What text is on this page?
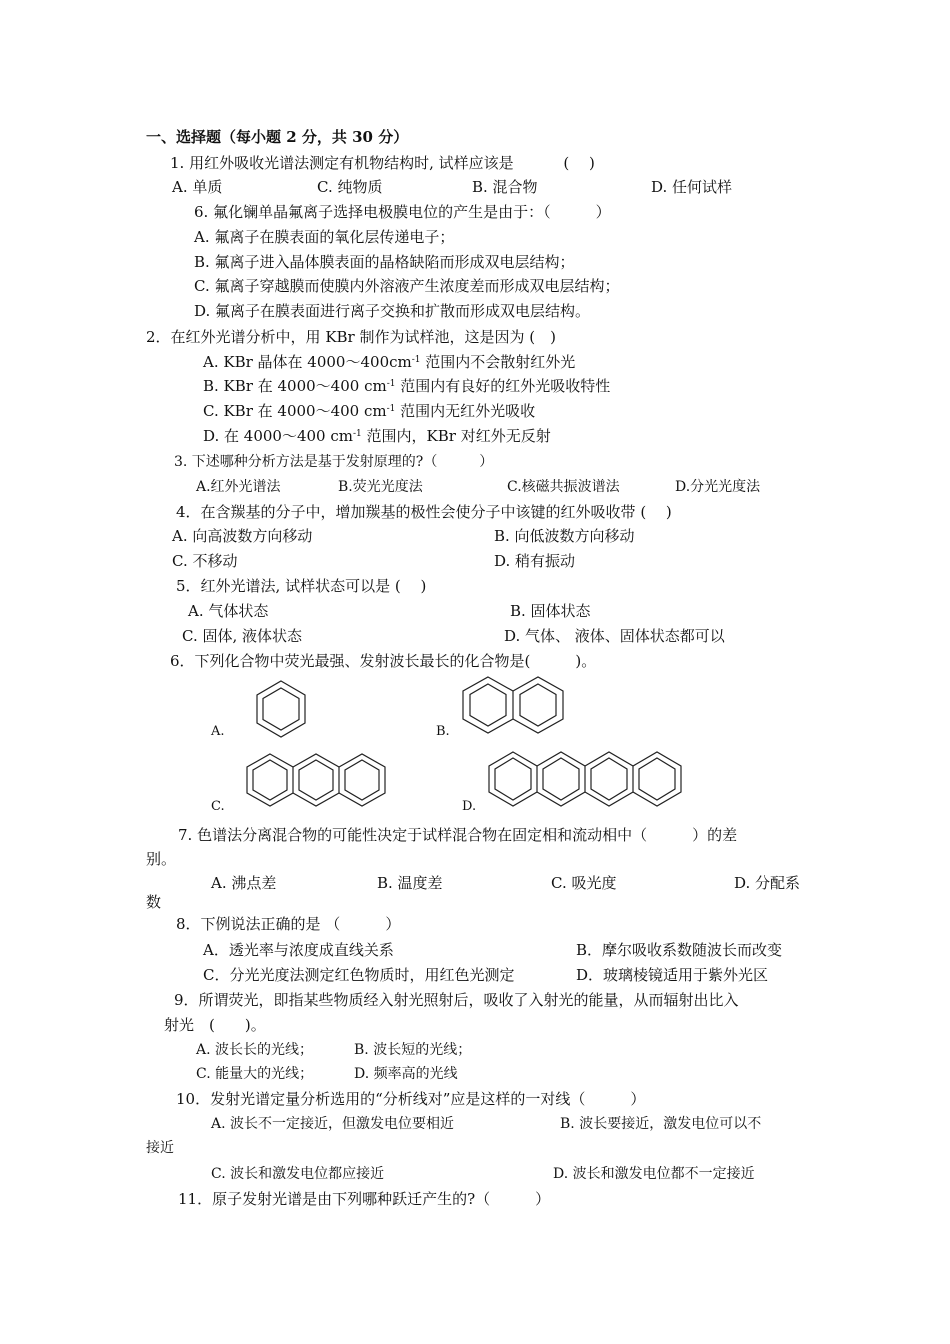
一、选择题（每小题 2 分，共 30 分）
1. 用红外吸收光谱法测定有机物结构时, 试样应该是　　　 (　 )
A. 单质	C. 纯物质	B. 混合物	D. 任何试样
6. 氟化镧单晶氟离子选择电极膜电位的产生是由于：（　　　）
A. 氟离子在膜表面的氧化层传递电子；
B. 氟离子进入晶体膜表面的晶格缺陷而形成双电层结构；
C. 氟离子穿越膜而使膜内外溶液产生浓度差而形成双电层结构；
D. 氟离子在膜表面进行离子交换和扩散而形成双电层结构。
2．在红外光谱分析中，用 KBr 制作为试样池，这是因为 (　)
A. KBr 晶体在 $4000\sim 400cm^{-1}$ 范围内不会散射红外光
B. KBr 在 4000～400 $cm^{-1}$ 范围内有良好的红外光吸收特性
C. KBr 在 4000～400 $cm^{-1}$ 范围内无红外光吸收
D. 在 4000～400 $cm^{-1}$ 范围内，KBr 对红外无反射
3. 下述哪种分析方法是基于发射原理的?（　　　）
A.红外光谱法	B.荧光光度法	C.核磁共振波谱法	D.分光光度法
4．在含羰基的分子中，增加羰基的极性会使分子中该键的红外吸收带 (　 )
A. 向高波数方向移动	B. 向低波数方向移动
C. 不移动	D. 稍有振动
5．红外光谱法, 试样状态可以是 (　 )
A. 气体状态	B. 固体状态
C. 固体, 液体状态	D. 气体、 液体、固体状态都可以
6．下列化合物中荧光最强、发射波长最长的化合物是(　　　)。
A.	B.
C.	D.
7. 色谱法分离混合物的可能性决定于试样混合物在固定相和流动相中（　　　）的差
别。
A. 沸点差	B. 温度差	C. 吸光度	D. 分配系
数
8．下例说法正确的是 （　　　）
A．透光率与浓度成直线关系	B．摩尔吸收系数随波长而改变
C．分光光度法测定红色物质时，用红色光测定	D．玻璃棱镜适用于紫外光区
9．所谓荧光，即指某些物质经入射光照射后，吸收了入射光的能量，从而辐射出比入
射光　(　　)。
A. 波长长的光线；	B. 波长短的光线；
C. 能量大的光线；	D. 频率高的光线
10．发射光谱定量分析选用的“分析线对”应是这样的一对线（　　　）
A. 波长不一定接近，但激发电位要相近	B. 波长要接近，激发电位可以不
接近
C. 波长和激发电位都应接近	D. 波长和激发电位都不一定接近
11．原子发射光谱是由下列哪种跃迁产生的?（　　　）
